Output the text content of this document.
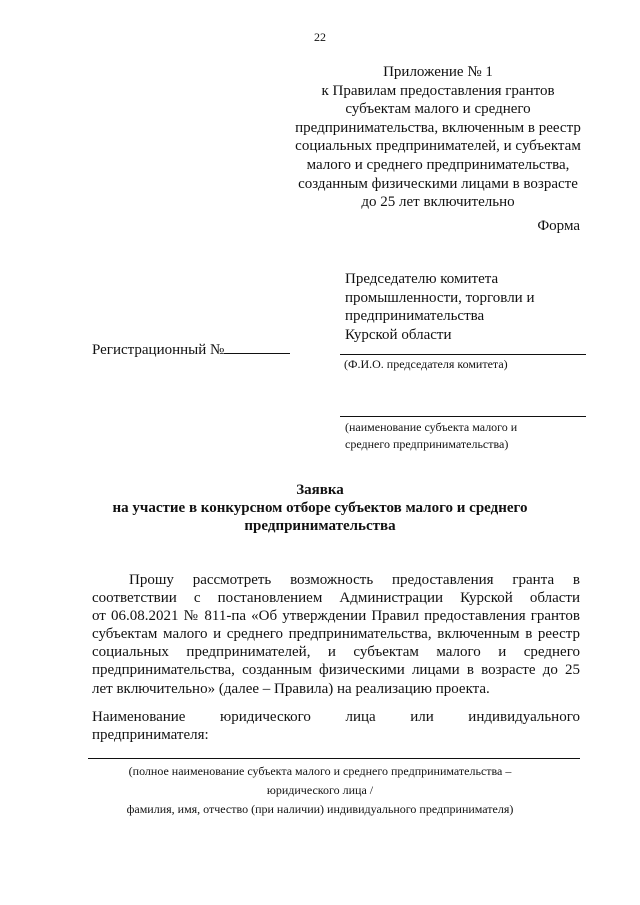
22
Приложение № 1
к Правилам предоставления грантов
субъектам малого и среднего
предпринимательства, включенным в реестр
социальных предпринимателей, и субъектам
малого и среднего предпринимательства,
созданным физическими лицами в возрасте
до 25 лет включительно
Форма
Председателю комитета
промышленности, торговли и
предпринимательства
Курской области
Регистрационный №
(Ф.И.О. председателя комитета)
(наименование субъекта малого и
среднего предпринимательства)
Заявка
на участие в конкурсном отборе субъектов малого и среднего
предпринимательства
Прошу рассмотреть возможность предоставления гранта в
соответствии с постановлением Администрации Курской области
от 06.08.2021 № 811-па «Об утверждении Правил предоставления грантов
субъектам малого и среднего предпринимательства, включенным в реестр
социальных предпринимателей, и субъектам малого и среднего
предпринимательства, созданным физическими лицами в возрасте до 25
лет включительно» (далее – Правила) на реализацию проекта.
Наименование юридического лица или индивидуального
предпринимателя:
(полное наименование субъекта малого и среднего предпринимательства –
юридического лица /
фамилия, имя, отчество (при наличии) индивидуального предпринимателя)
